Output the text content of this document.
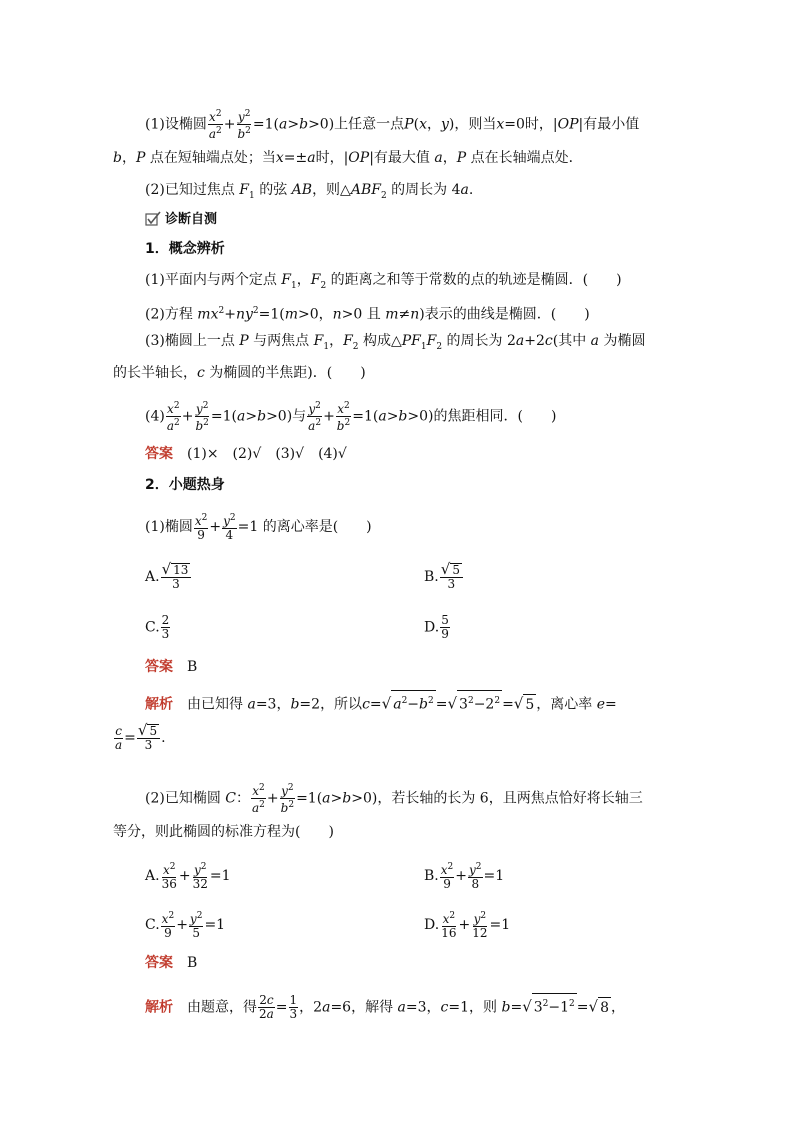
(1)设椭圆 $\frac{x^2}{a^2} + \frac{y^2}{b^2} =1(a>b>0)$上任意一点P(x，y)，则当x=0时，|OP|有最小值
b，P 点在短轴端点处；当x=±a时，|OP|有最大值 a，P 点在长轴端点处．
(2)已知过焦点 $F_1$ 的弦 AB，则$\triangle ABF_2$ 的周长为 4a.
诊断自测
1．概念辨析
(1)平面内与两个定点 $F_1$，$F_2$ 的距离之和等于常数的点的轨迹是椭圆．(　　)
(2)方程 $mx^2+ny^2=1(m>0$，n>0 且 m≠n)表示的曲线是椭圆．(　　)
(3)椭圆上一点 P 与两焦点 $F_1$，$F_2$ 构成$\triangle PF_1F_2$ 的周长为 2a+2c(其中 a 为椭圆
的长半轴长，c 为椭圆的半焦距)．(　　)
$(4) \frac{x^2}{a^2} + \frac{y^2}{b^2} =1(a>b>0)$与 $\frac{y^2}{a^2} + \frac{x^2}{b^2} =1(a>b>0)$的焦距相同．(　　)
答案　 (1)×　(2)√　(3)√　(4)√
2．小题热身
(1)椭圆 $\frac{x^2}{9} + \frac{y^2}{4} =1$ 的离心率是(　　)
A. $\frac{√ 13}{3}$	B. $\frac{√ 5}{3}$
C. $\frac{2}{3}$	D. $\frac{5}{9}$
答案　 B
解析　 由已知得 a=3，b=2，所以c=√ $a^2-b^2$ =√ $3^2-2^2$ =√ 5 ，离心率 e=
$\frac{c}{a} = \frac{√ 5}{3}$ .
(2)已知椭圆 C： $\frac{x^2}{a^2} + \frac{y^2}{b^2} =1(a>b>0)$，若长轴的长为 6，且两焦点恰好将长轴三
等分，则此椭圆的标准方程为(　　)
A. $\frac{x^2}{36} + \frac{y^2}{32} =1$	B. $\frac{x^2}{9} + \frac{y^2}{8} =1$
C. $\frac{x^2}{9} + \frac{y^2}{5} =1$	D. $\frac{x^2}{16} + \frac{y^2}{12} =1$
答案　 B
解析　 由题意，得 $\frac{2c}{2a} = \frac{1}{3}$ ，2a=6，解得 a=3，c=1，则 b=√ $3^2-1^2$ =√ 8 ，
